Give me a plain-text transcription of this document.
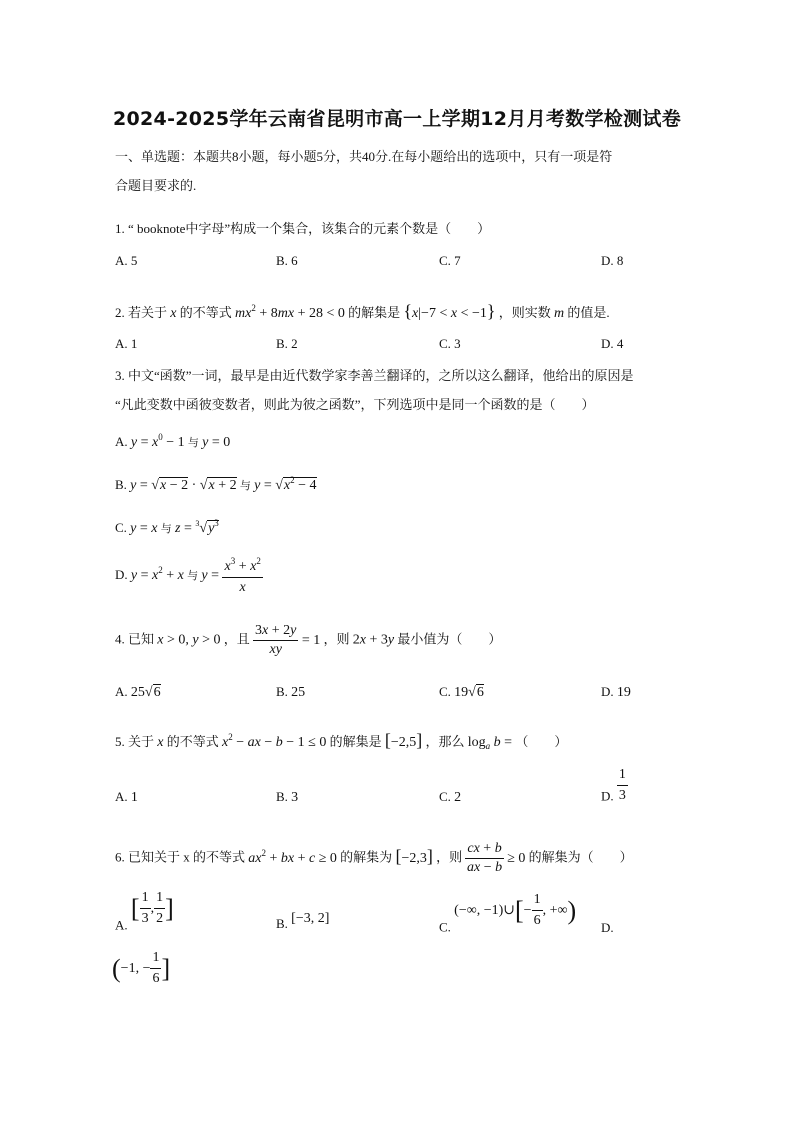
2024-2025学年云南省昆明市高一上学期12月月考数学检测试卷
一、单选题：本题共8小题，每小题5分，共40分.在每小题给出的选项中，只有一项是符
合题目要求的.
1. “ booknote中字母”构成一个集合，该集合的元素个数是（　　）
A. 5	B. 6	C. 7	D. 8
2. 若关于 x 的不等式 $mx^2 + 8mx + 28 < 0$ 的解集是 {x|−7 < x < −1} ，则实数 m 的值是.
A. 1	B. 2	C. 3	D. 4
3. 中文“函数”一词，最早是由近代数学家李善兰翻译的，之所以这么翻译，他给出的原因是
“凡此变数中函彼变数者，则此为彼之函数”，下列选项中是同一个函数的是（　　）
A. $y = x^0 - 1$ 与 y = 0
B. y = √x − 2 · √x + 2 与 $y = √x^2 - 4$
C. y = x 与 $z = ^3√y^3$
D. $y = x^2 + x$ 与 $y = \frac{x^3 + x^2}{x}$
4. 已知 x > 0, y > 0 ，且 $\frac{3x + 2y}{xy} = 1$ ，则 2x + 3y 最小值为（　　）
A. 25√6	B. 25	C. 19√6	D. 19
5. 关于 x 的不等式 $x^2$ − ax − b − 1 ≤ 0 的解集是 [−2,5] ，那么 $\log_a b$ = （　　）
A. 1	B. 3	C. 2	D. $\frac{1}{3}$
6. 已知关于 x 的不等式 $ax^2$ + bx + c ≥ 0 的解集为 [−2,3] ，则 $\frac{cx + b}{ax - b} \ge 0$ 的解集为（　　）
A. [ $\frac{1}{3}$ , $\frac{1}{2}$ ]
B. [−3, 2]
C. (−∞, −1)∪[− $\frac{1}{6}$ , +∞)
D.
(−1, − $\frac{1}{6}$ ]
